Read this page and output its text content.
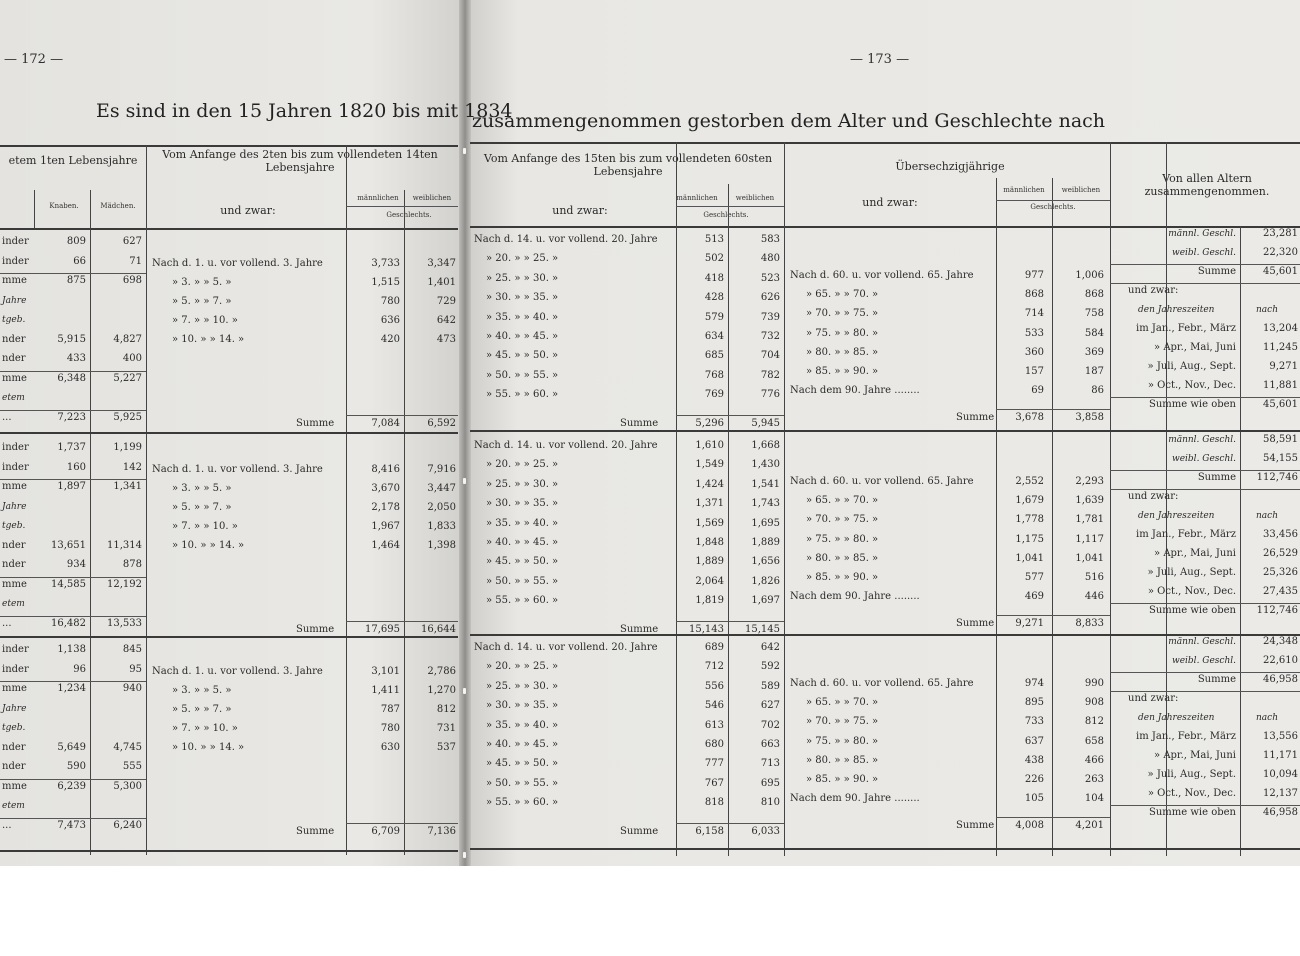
— 172 —	— 173 —
Es sind in den 15 Jahren 1820 bis mit 1834
zusammengenommen gestorben dem Alter und Geschlechte nach
etem 1ten Lebensjahre
Knaben.	Mädchen.
Vom Anfange des 2ten bis zum vollendeten 14ten Lebensjahre
und zwar:
männlichen	weiblichen
Geschlechts.
Vom Anfange des 15ten bis zum vollendeten 60sten Lebensjahre
und zwar:
männlichen	weiblichen
Geschlechts.
Übersechzigjährige
und zwar:
männlichen	weiblichen
Geschlechts.
Von allen Altern zusammengenommen.
inder	809	627
inder	66	71
mme	875	698
Jahre
tgeb.
nder	5,915	4,827
nder	433	400
mme	6,348	5,227
etem
...	7,223	5,925
Nach d. 1. u. vor vollend. 3. Jahre	3,733	3,347
» 3. » » 5. »	1,515	1,401
» 5. » » 7. »	780	729
» 7. » » 10. »	636	642
» 10. » » 14. »	420	473
Summe	7,084	6,592
Nach d. 14. u. vor vollend. 20. Jahre	513	583
» 20. » » 25. »	502	480
» 25. » » 30. »	418	523
» 30. » » 35. »	428	626
» 35. » » 40. »	579	739
» 40. » » 45. »	634	732
» 45. » » 50. »	685	704
» 50. » » 55. »	768	782
» 55. » » 60. »	769	776
Summe	5,296	5,945
Nach d. 60. u. vor vollend. 65. Jahre	977	1,006
» 65. » » 70. »	868	868
» 70. » » 75. »	714	758
» 75. » » 80. »	533	584
» 80. » » 85. »	360	369
» 85. » » 90. »	157	187
Nach dem 90. Jahre ........	69	86
Summe	3,678	3,858
männl. Geschl.	23,281
weibl. Geschl.	22,320
Summe	45,601
und zwar:
den Jahreszeiten	nach
im Jan., Febr., März	13,204
» Apr., Mai, Juni	11,245
» Juli, Aug., Sept.	9,271
» Oct., Nov., Dec.	11,881
Summe wie oben	45,601
inder	1,737	1,199
inder	160	142
mme	1,897	1,341
Jahre
tgeb.
nder	13,651	11,314
nder	934	878
mme	14,585	12,192
etem
...	16,482	13,533
Nach d. 1. u. vor vollend. 3. Jahre	8,416	7,916
» 3. » » 5. »	3,670	3,447
» 5. » » 7. »	2,178	2,050
» 7. » » 10. »	1,967	1,833
» 10. » » 14. »	1,464	1,398
Summe	17,695	16,644
Nach d. 14. u. vor vollend. 20. Jahre	1,610	1,668
» 20. » » 25. »	1,549	1,430
» 25. » » 30. »	1,424	1,541
» 30. » » 35. »	1,371	1,743
» 35. » » 40. »	1,569	1,695
» 40. » » 45. »	1,848	1,889
» 45. » » 50. »	1,889	1,656
» 50. » » 55. »	2,064	1,826
» 55. » » 60. »	1,819	1,697
Summe	15,143	15,145
Nach d. 60. u. vor vollend. 65. Jahre	2,552	2,293
» 65. » » 70. »	1,679	1,639
» 70. » » 75. »	1,778	1,781
» 75. » » 80. »	1,175	1,117
» 80. » » 85. »	1,041	1,041
» 85. » » 90. »	577	516
Nach dem 90. Jahre ........	469	446
Summe	9,271	8,833
männl. Geschl.	58,591
weibl. Geschl.	54,155
Summe	112,746
und zwar:
den Jahreszeiten	nach
im Jan., Febr., März	33,456
» Apr., Mai, Juni	26,529
» Juli, Aug., Sept.	25,326
» Oct., Nov., Dec.	27,435
Summe wie oben	112,746
inder	1,138	845
inder	96	95
mme	1,234	940
Jahre
tgeb.
nder	5,649	4,745
nder	590	555
mme	6,239	5,300
etem
...	7,473	6,240
Nach d. 1. u. vor vollend. 3. Jahre	3,101	2,786
» 3. » » 5. »	1,411	1,270
» 5. » » 7. »	787	812
» 7. » » 10. »	780	731
» 10. » » 14. »	630	537
Summe	6,709	7,136
Nach d. 14. u. vor vollend. 20. Jahre	689	642
» 20. » » 25. »	712	592
» 25. » » 30. »	556	589
» 30. » » 35. »	546	627
» 35. » » 40. »	613	702
» 40. » » 45. »	680	663
» 45. » » 50. »	777	713
» 50. » » 55. »	767	695
» 55. » » 60. »	818	810
Summe	6,158	6,033
Nach d. 60. u. vor vollend. 65. Jahre	974	990
» 65. » » 70. »	895	908
» 70. » » 75. »	733	812
» 75. » » 80. »	637	658
» 80. » » 85. »	438	466
» 85. » » 90. »	226	263
Nach dem 90. Jahre ........	105	104
Summe	4,008	4,201
männl. Geschl.	24,348
weibl. Geschl.	22,610
Summe	46,958
und zwar:
den Jahreszeiten	nach
im Jan., Febr., März	13,556
» Apr., Mai, Juni	11,171
» Juli, Aug., Sept.	10,094
» Oct., Nov., Dec.	12,137
Summe wie oben	46,958
